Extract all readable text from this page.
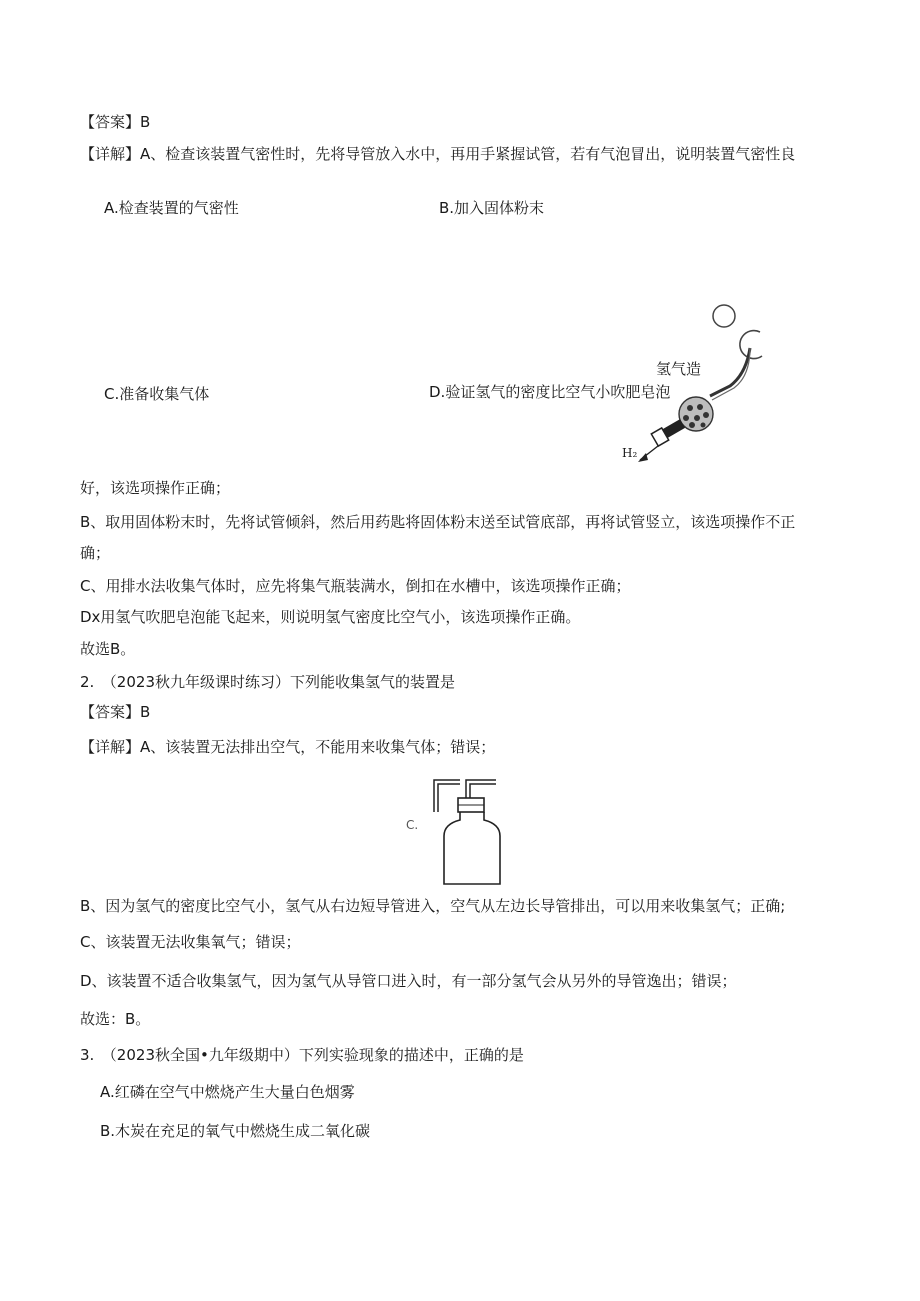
【答案】B
【详解】A、检查该装置气密性时，先将导管放入水中，再用手紧握试管，若有气泡冒出，说明装置气密性良
A.检查装置的气密性	B.加入固体粉末
C.准备收集气体	D.验证氢气的密度比空气小吹肥皂泡
氢气造
H₂
好，该选项操作正确；
B、取用固体粉末时，先将试管倾斜，然后用药匙将固体粉末送至试管底部，再将试管竖立，该选项操作不正
确；
C、用排水法收集气体时，应先将集气瓶装满水，倒扣在水槽中，该选项操作正确；
Dx用氢气吹肥皂泡能飞起来，则说明氢气密度比空气小，该选项操作正确。
故选B。
2.　（2023秋九年级课时练习）下列能收集氢气的装置是
【答案】B
【详解】A、该装置无法排出空气，不能用来收集气体；错误；
C.
B、因为氢气的密度比空气小，氢气从右边短导管进入，空气从左边长导管排出，可以用来收集氢气；正确;
C、该装置无法收集氧气；错误；
D、该装置不适合收集氢气，因为氢气从导管口进入时，有一部分氢气会从另外的导管逸出；错误；
故选：B。
3.　（2023秋全国•九年级期中）下列实验现象的描述中，正确的是
A.红磷在空气中燃烧产生大量白色烟雾
B.木炭在充足的氧气中燃烧生成二氧化碳
